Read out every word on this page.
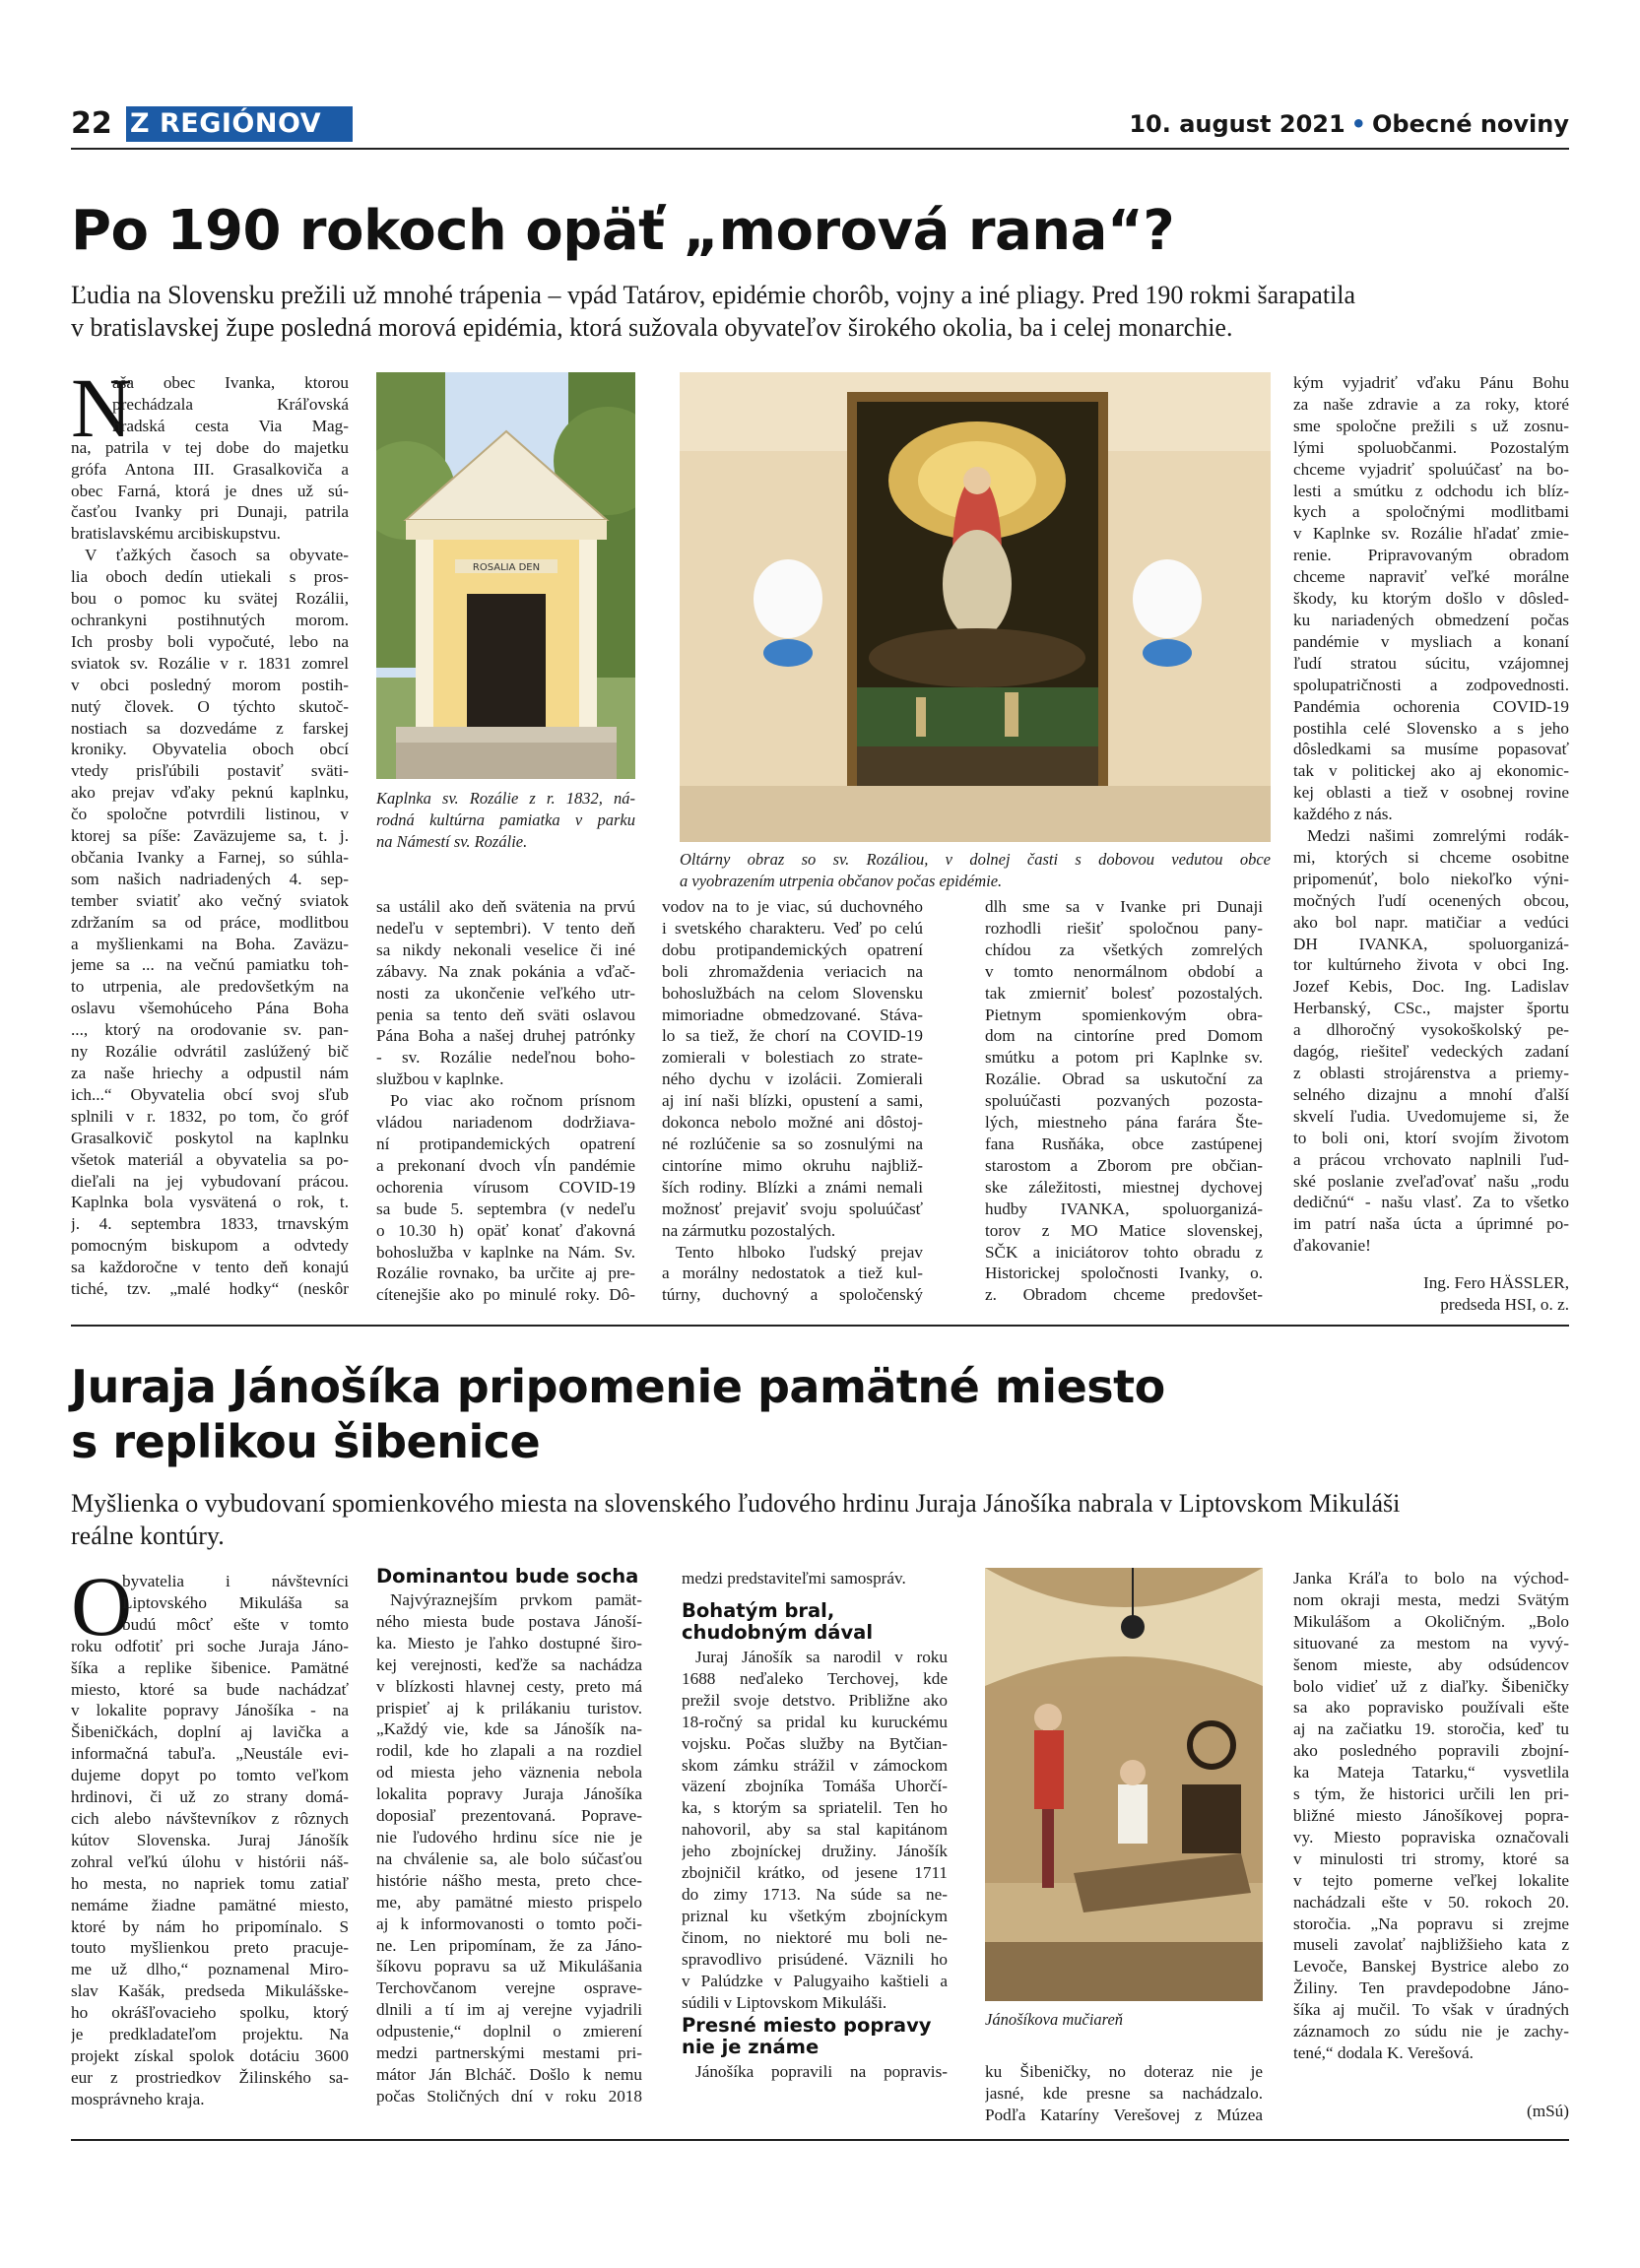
22 Z REGIÓNOV	10. august 2021 • Obecné noviny
Po 190 rokoch opäť „morová rana“?
Ľudia na Slovensku prežili už mnohé trápenia – vpád Tatárov, epidémie chorôb, vojny a iné pliagy. Pred 190 rokmi šarapatila
v bratislavskej župe posledná morová epidémia, ktorá sužovala obyvateľov širokého okolia, ba i celej monarchie.
N
aša obec Ivanka, ktorou
prechádzala Kráľovská
hradská cesta Via Mag-
na, patrila v tej dobe do majetku
grófa Antona III. Grasalkoviča a
obec Farná, ktorá je dnes už sú-
časťou Ivanky pri Dunaji, patrila
bratislavskému arcibiskupstvu.
V ťažkých časoch sa obyvate-
lia oboch dedín utiekali s pros-
bou o pomoc ku svätej Rozálii,
ochrankyni postihnutých morom.
Ich prosby boli vypočuté, lebo na
sviatok sv. Rozálie v r. 1831 zomrel
v obci posledný morom postih-
nutý človek. O týchto skutoč-
nostiach sa dozvedáme z farskej
kroniky. Obyvatelia oboch obcí
vtedy prisľúbili postaviť sväti-
ako prejav vďaky peknú kaplnku,
čo spoločne potvrdili listinou, v
ktorej sa píše: Zaväzujeme sa, t. j.
občania Ivanky a Farnej, so súhla-
som našich nadriadených 4. sep-
tember sviatiť ako večný sviatok
zdržaním sa od práce, modlitbou
a myšlienkami na Boha. Zaväzu-
jeme sa ... na večnú pamiatku toh-
to utrpenia, ale predovšetkým na
oslavu všemohúceho Pána Boha
..., ktorý na orodovanie sv. pan-
ny Rozálie odvrátil zaslúžený bič
za naše hriechy a odpustil nám
ich...“ Obyvatelia obcí svoj sľub
splnili v r. 1832, po tom, čo gróf
Grasalkovič poskytol na kaplnku
všetok materiál a obyvatelia sa po-
dieľali na jej vybudovaní prácou.
Kaplnka bola vysvätená o rok, t.
j. 4. septembra 1833, trnavským
pomocným biskupom a odvtedy
sa každoročne v tento deň konajú
tiché, tzv. „malé hodky“ (neskôr
ROSALIA DEN
Kaplnka sv. Rozálie z r. 1832, ná-
rodná kultúrna pamiatka v parku
na Námestí sv. Rozálie.
Oltárny obraz so sv. Rozáliou, v dolnej časti s dobovou vedutou obce
a vyobrazením utrpenia občanov počas epidémie.
sa ustálil ako deň svätenia na prvú
nedeľu v septembri). V tento deň
sa nikdy nekonali veselice či iné
zábavy. Na znak pokánia a vďač-
nosti za ukončenie veľkého utr-
penia sa tento deň sväti oslavou
Pána Boha a našej druhej patrónky
- sv. Rozálie nedeľnou boho-
službou v kaplnke.
Po viac ako ročnom prísnom
vládou nariadenom dodržiava-
ní protipandemických opatrení
a prekonaní dvoch vĺn pandémie
ochorenia vírusom COVID-19
sa bude 5. septembra (v nedeľu
o 10.30 h) opäť konať ďakovná
bohoslužba v kaplnke na Nám. Sv.
Rozálie rovnako, ba určite aj pre-
cítenejšie ako po minulé roky. Dô-
vodov na to je viac, sú duchovného
i svetského charakteru. Veď po celú
dobu protipandemických opatrení
boli zhromaždenia veriacich na
bohoslužbách na celom Slovensku
mimoriadne obmedzované. Stáva-
lo sa tiež, že chorí na COVID-19
zomierali v bolestiach zo strate-
ného dychu v izolácii. Zomierali
aj iní naši blízki, opustení a sami,
dokonca nebolo možné ani dôstoj-
né rozlúčenie sa so zosnulými na
cintoríne mimo okruhu najbliž-
ších rodiny. Blízki a známi nemali
možnosť prejaviť svoju spoluúčasť
na zármutku pozostalých.
Tento hlboko ľudský prejav
a morálny nedostatok a tiež kul-
túrny, duchovný a spoločenský
dlh sme sa v Ivanke pri Dunaji
rozhodli riešiť spoločnou pany-
chídou za všetkých zomrelých
v tomto nenormálnom období a
tak zmierniť bolesť pozostalých.
Pietnym spomienkovým obra-
dom na cintoríne pred Domom
smútku a potom pri Kaplnke sv.
Rozálie. Obrad sa uskutoční za
spoluúčasti pozvaných pozosta-
lých, miestneho pána farára Šte-
fana Rusňáka, obce zastúpenej
starostom a Zborom pre občian-
ske záležitosti, miestnej dychovej
hudby IVANKA, spoluorganizá-
torov z MO Matice slovenskej,
SČK a iniciátorov tohto obradu z
Historickej spoločnosti Ivanky, o.
z. Obradom chceme predovšet-
kým vyjadriť vďaku Pánu Bohu
za naše zdravie a za roky, ktoré
sme spoločne prežili s už zosnu-
lými spoluobčanmi. Pozostalým
chceme vyjadriť spoluúčasť na bo-
lesti a smútku z odchodu ich blíz-
kych a spoločnými modlitbami
v Kaplnke sv. Rozálie hľadať zmie-
renie. Pripravovaným obradom
chceme napraviť veľké morálne
škody, ku ktorým došlo v dôsled-
ku nariadených obmedzení počas
pandémie v mysliach a konaní
ľudí stratou súcitu, vzájomnej
spolupatričnosti a zodpovednosti.
Pandémia ochorenia COVID-19
postihla celé Slovensko a s jeho
dôsledkami sa musíme popasovať
tak v politickej ako aj ekonomic-
kej oblasti a tiež v osobnej rovine
každého z nás.
Medzi našimi zomrelými rodák-
mi, ktorých si chceme osobitne
pripomenúť, bolo niekoľko výni-
močných ľudí ocenených obcou,
ako bol napr. matičiar a vedúci
DH IVANKA, spoluorganizá-
tor kultúrneho života v obci Ing.
Jozef Kebis, Doc. Ing. Ladislav
Herbanský, CSc., majster športu
a dlhoročný vysokoškolský pe-
dagóg, riešiteľ vedeckých zadaní
z oblasti strojárenstva a priemy-
selného dizajnu a mnohí ďalší
skvelí ľudia. Uvedomujeme si, že
to boli oni, ktorí svojím životom
a prácou vrchovato naplnili ľud-
ské poslanie zveľaďovať našu „rodu
dedičnú“ - našu vlasť. Za to všetko
im patrí naša úcta a úprimné po-
ďakovanie!
Ing. Fero HÄSSLER,
predseda HSI, o. z.
Juraja Jánošíka pripomenie pamätné miesto
s replikou šibenice
Myšlienka o vybudovaní spomienkového miesta na slovenského ľudového hrdinu Juraja Jánošíka nabrala v Liptovskom Mikuláši
reálne kontúry.
O
byvatelia i návštevníci
Liptovského Mikuláša sa
budú môcť ešte v tomto
roku odfotiť pri soche Juraja Jáno-
šíka a replike šibenice. Pamätné
miesto, ktoré sa bude nachádzať
v lokalite popravy Jánošíka - na
Šibeničkách, doplní aj lavička a
informačná tabuľa. „Neustále evi-
dujeme dopyt po tomto veľkom
hrdinovi, či už zo strany domá-
cich alebo návštevníkov z rôznych
kútov Slovenska. Juraj Jánošík
zohral veľkú úlohu v histórii náš-
ho mesta, no napriek tomu zatiaľ
nemáme žiadne pamätné miesto,
ktoré by nám ho pripomínalo. S
touto myšlienkou preto pracuje-
me už dlho,“ poznamenal Miro-
slav Kašák, predseda Mikulášske-
ho okrášľovacieho spolku, ktorý
je predkladateľom projektu. Na
projekt získal spolok dotáciu 3600
eur z prostriedkov Žilinského sa-
mosprávneho kraja.
Dominantou bude socha
Najvýraznejším prvkom pamät-
ného miesta bude postava Jánoší-
ka. Miesto je ľahko dostupné širo-
kej verejnosti, keďže sa nachádza
v blízkosti hlavnej cesty, preto má
prispieť aj k prilákaniu turistov.
„Každý vie, kde sa Jánošík na-
rodil, kde ho zlapali a na rozdiel
od miesta jeho väznenia nebola
lokalita popravy Juraja Jánošíka
doposiaľ prezentovaná. Poprave-
nie ľudového hrdinu síce nie je
na chválenie sa, ale bolo súčasťou
histórie nášho mesta, preto chce-
me, aby pamätné miesto prispelo
aj k informovanosti o tomto poči-
ne. Len pripomínam, že za Jáno-
šíkovu popravu sa už Mikulášania
Terchovčanom verejne osprave-
dlnili a tí im aj verejne vyjadrili
odpustenie,“ doplnil o zmierení
medzi partnerskými mestami pri-
mátor Ján Blcháč. Došlo k nemu
počas Stoličných dní v roku 2018
medzi predstaviteľmi samospráv.
Bohatým bral,
chudobným dával
Juraj Jánošík sa narodil v roku
1688 neďaleko Terchovej, kde
prežil svoje detstvo. Približne ako
18-ročný sa pridal ku kuruckému
vojsku. Počas služby na Bytčian-
skom zámku strážil v zámockom
väzení zbojníka Tomáša Uhorčí-
ka, s ktorým sa spriatelil. Ten ho
nahovoril, aby sa stal kapitánom
jeho zbojníckej družiny. Jánošík
zbojničil krátko, od jesene 1711
do zimy 1713. Na súde sa ne-
priznal ku všetkým zbojníckym
činom, no niektoré mu boli ne-
spravodlivo prisúdené. Väznili ho
v Palúdzke v Palugyaiho kaštieli a
súdili v Liptovskom Mikuláši.
Presné miesto popravy
nie je známe
Jánošíka popravili na popravis-
Jánošíkova mučiareň
ku Šibeničky, no doteraz nie je
jasné, kde presne sa nachádzalo.
Podľa Kataríny Verešovej z Múzea
Janka Kráľa to bolo na východ-
nom okraji mesta, medzi Svätým
Mikulášom a Okoličným. „Bolo
situované za mestom na vyvý-
šenom mieste, aby odsúdencov
bolo vidieť už z diaľky. Šibeničky
sa ako popravisko používali ešte
aj na začiatku 19. storočia, keď tu
ako posledného popravili zbojní-
ka Mateja Tatarku,“ vysvetlila
s tým, že historici určili len pri-
bližné miesto Jánošíkovej popra-
vy. Miesto popraviska označovali
v minulosti tri stromy, ktoré sa
v tejto pomerne veľkej lokalite
nachádzali ešte v 50. rokoch 20.
storočia. „Na popravu si zrejme
museli zavolať najbližšieho kata z
Levoče, Banskej Bystrice alebo zo
Žiliny. Ten pravdepodobne Jáno-
šíka aj mučil. To však v úradných
záznamoch zo súdu nie je zachy-
tené,“ dodala K. Verešová.
(mSú)
